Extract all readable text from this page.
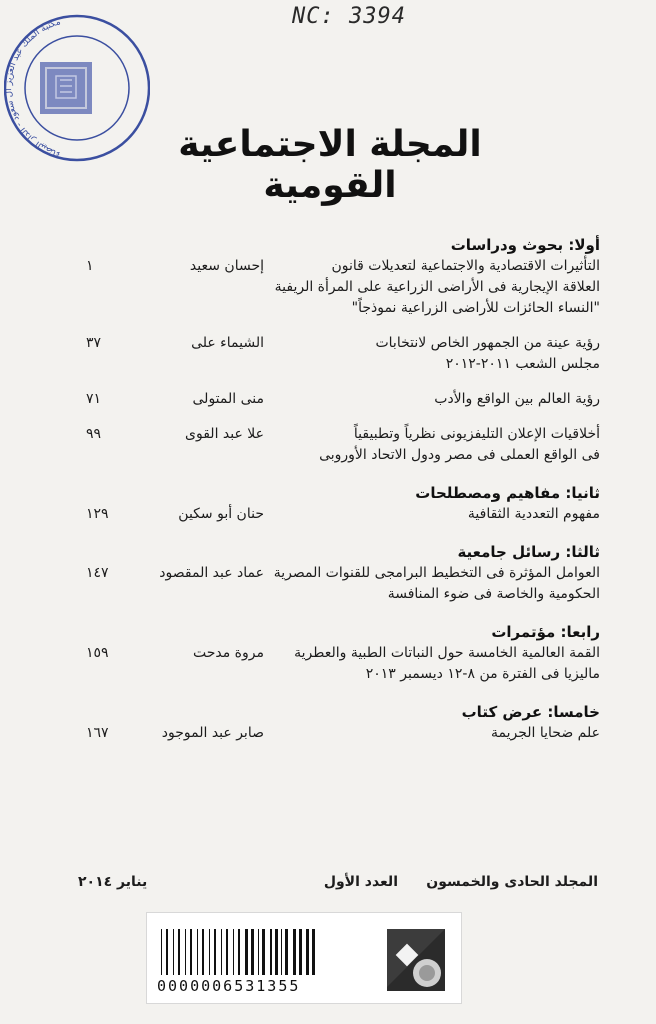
NC: 3394
مكتبة الملك عبد العزيز آل سعود - الدار البيضاء
المجلة الاجتماعية القومية
أولا: بحوث ودراسات
التأثيرات الاقتصادية والاجتماعية لتعديلات قانون
العلاقة الإيجارية فى الأراضى الزراعية على المرأة الريفية
"النساء الحائزات للأراضى الزراعية نموذجاً"
إحسان سعيد
١
رؤية عينة من الجمهور الخاص لانتخابات
مجلس الشعب ٢٠١١-٢٠١٢
الشيماء على
٣٧
رؤية العالم بين الواقع والأدب
منى المتولى
٧١
أخلاقيات الإعلان التليفزيونى نظرياً وتطبيقياً
فى الواقع العملى فى مصر ودول الاتحاد الأوروبى
علا عبد القوى
٩٩
ثانيا: مفاهيم ومصطلحات
مفهوم التعددية الثقافية
حنان أبو سكين
١٢٩
ثالثا: رسائل جامعية
العوامل المؤثرة فى التخطيط البرامجى للقنوات المصرية
الحكومية والخاصة فى ضوء المنافسة
عماد عبد المقصود
١٤٧
رابعا: مؤتمرات
القمة العالمية الخامسة حول النباتات الطبية والعطرية
ماليزيا فى الفترة من ٨-١٢ ديسمبر ٢٠١٣
مروة مدحت
١٥٩
خامسا: عرض كتاب
علم ضحايا الجريمة
صابر عبد الموجود
١٦٧
المجلد الحادى والخمسون
العدد الأول
يناير ٢٠١٤
0000006531355
